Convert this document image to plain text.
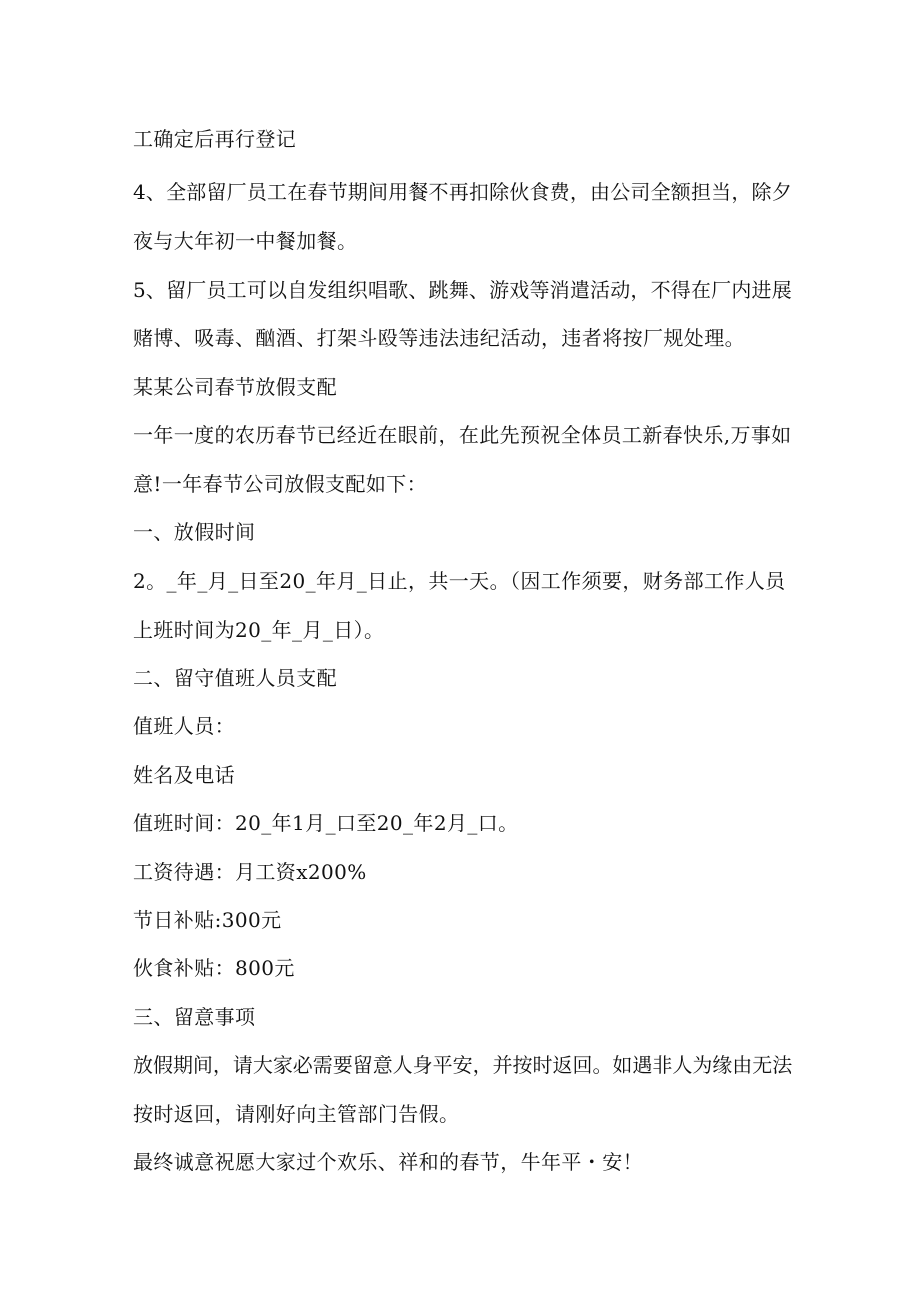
工确定后再行登记
4、全部留厂员工在春节期间用餐不再扣除伙食费，由公司全额担当，除夕
夜与大年初一中餐加餐。
5、留厂员工可以自发组织唱歌、跳舞、游戏等消遣活动，不得在厂内进展
赌博、吸毒、酗酒、打架斗殴等违法违纪活动，违者将按厂规处理。
某某公司春节放假支配
一年一度的农历春节已经近在眼前，在此先预祝全体员工新春快乐,万事如
意!一年春节公司放假支配如下：
一、放假时间
2。_年_月_日至20_年月_日止，共一天。（因工作须要，财务部工作人员
上班时间为20_年_月_日）。
二、留守值班人员支配
值班人员：
姓名及电话
值班时间：20_年1月_口至20_年2月_口。
工资待遇：月工资x200%
节日补贴:300元
伙食补贴：800元
三、留意事项
放假期间，请大家必需要留意人身平安，并按时返回。如遇非人为缘由无法
按时返回，请刚好向主管部门告假。
最终诚意祝愿大家过个欢乐、祥和的春节，牛年平・安！
